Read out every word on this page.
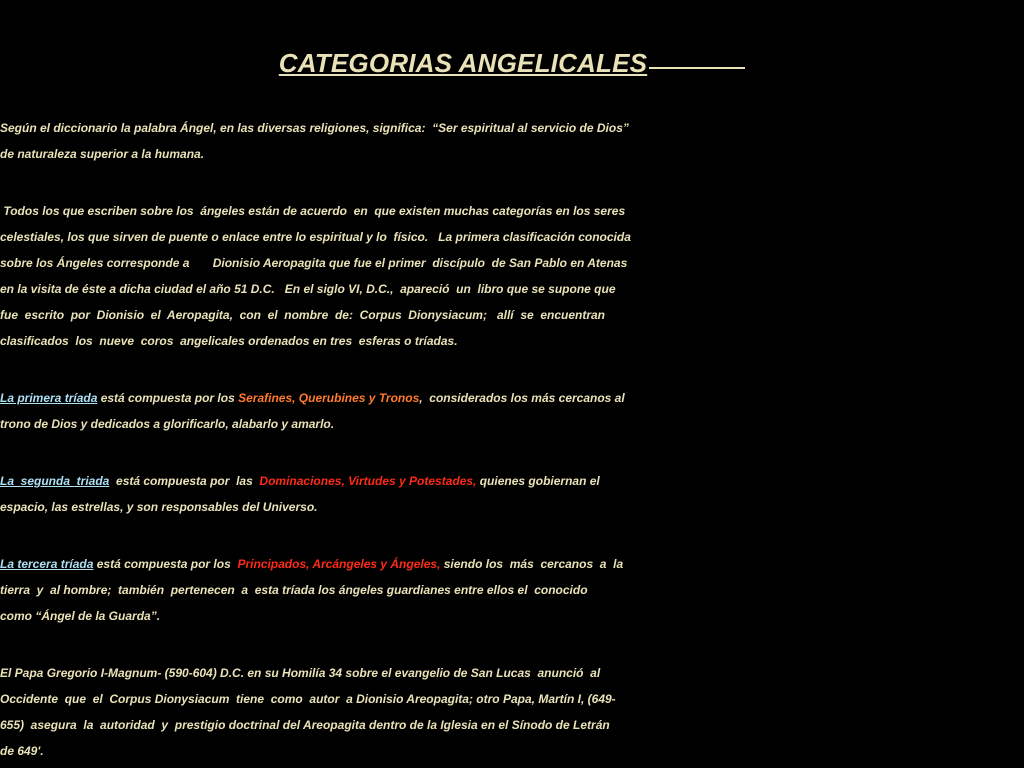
CATEGORIAS ANGELICALES

Según el diccionario la palabra Ángel, en las diversas religiones, significa:  “Ser espiritual al servicio de Dios”
de naturaleza superior a la humana.

Todos los que escriben sobre los  ángeles están de acuerdo  en  que existen muchas categorías en los seres
celestiales, los que sirven de puente o enlace entre lo espiritual y lo  físico.   La primera clasificación conocida
sobre los Ángeles corresponde a       Dionisio Aeropagita que fue el primer  discípulo  de San Pablo en Atenas
en la visita de éste a dicha ciudad el año 51 D.C.   En el siglo VI, D.C.,  apareció  un  libro que se supone que
fue  escrito  por  Dionisio  el  Aeropagita,  con  el  nombre  de:  Corpus  Dionysiacum;   allí  se  encuentran
clasificados  los  nueve  coros  angelicales ordenados en tres  esferas o tríadas.

La primera tríada está compuesta por los Serafines, Querubines y Tronos,  considerados los más cercanos al
trono de Dios y dedicados a glorificarlo, alabarlo y amarlo.

La  segunda  triada  está compuesta por  las  Dominaciones, Virtudes y Potestades, quienes gobiernan el
espacio, las estrellas, y son responsables del Universo.

La tercera tríada está compuesta por los  Principados, Arcángeles y Ángeles, siendo los  más  cercanos  a  la
tierra  y  al hombre;  también  pertenecen  a  esta tríada los ángeles guardianes entre ellos el  conocido
como “Ángel de la Guarda”.

El Papa Gregorio I-Magnum- (590-604) D.C. en su Homilía 34 sobre el evangelio de San Lucas  anunció  al
Occidente  que  el  Corpus Dionysiacum  tiene  como  autor  a Dionisio Areopagita; otro Papa, Martín I, (649-
655)  asegura  la  autoridad  y  prestigio doctrinal del Areopagita dentro de la Iglesia en el Sínodo de Letrán
de 649'.
